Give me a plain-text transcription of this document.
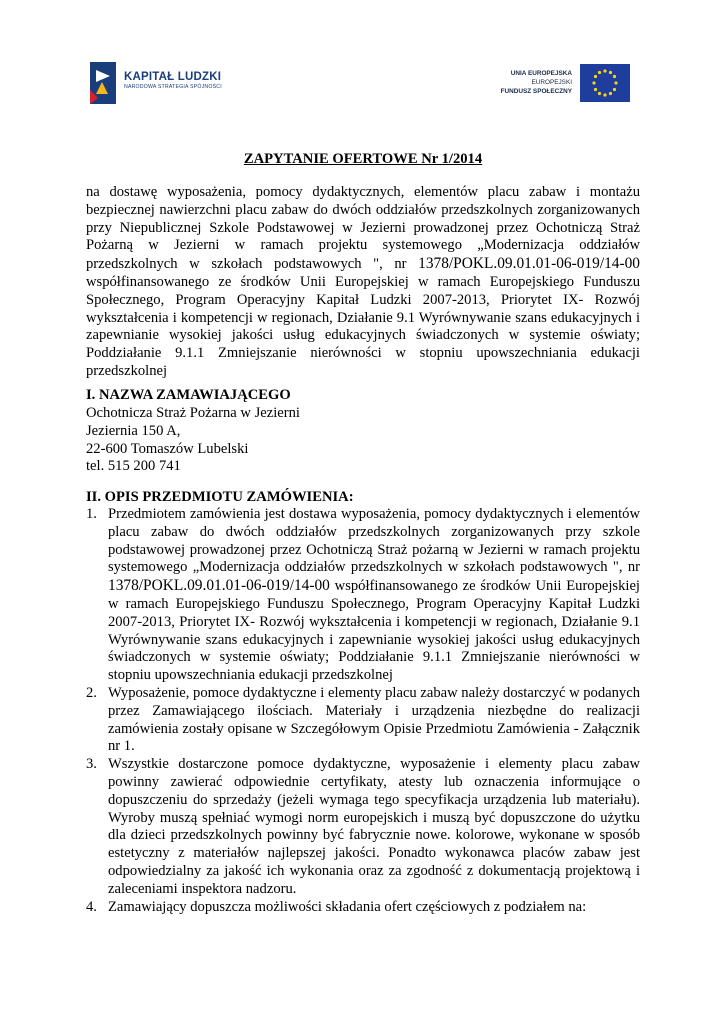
KAPITAŁ LUDZKI
NARODOWA STRATEGIA SPÓJNOŚCI
UNIA EUROPEJSKA
EUROPEJSKI
FUNDUSZ SPOŁECZNY
ZAPYTANIE OFERTOWE Nr 1/2014

na dostawę wyposażenia, pomocy dydaktycznych, elementów placu zabaw i montażu bezpiecznej nawierzchni placu zabaw do dwóch oddziałów przedszkolnych zorganizowanych przy Niepublicznej Szkole Podstawowej w Jezierni prowadzonej przez Ochotniczą Straż Pożarną w Jezierni w ramach projektu systemowego „Modernizacja oddziałów przedszkolnych w szkołach podstawowych ", nr 1378/POKL.09.01.01-06-019/14-00 współfinansowanego ze środków Unii Europejskiej w ramach Europejskiego Funduszu Społecznego, Program Operacyjny Kapitał Ludzki 2007-2013, Priorytet IX- Rozwój wykształcenia i kompetencji w regionach, Działanie 9.1 Wyrównywanie szans edukacyjnych i zapewnianie wysokiej jakości usług edukacyjnych świadczonych w systemie oświaty; Poddziałanie 9.1.1 Zmniejszanie nierówności w stopniu upowszechniania edukacji przedszkolnej

I. NAZWA ZAMAWIAJĄCEGO

Ochotnicza Straż Pożarna w Jezierni
Jeziernia 150 A,
22-600 Tomaszów Lubelski
tel. 515 200 741

II. OPIS PRZEDMIOTU ZAMÓWIENIA:

1. Przedmiotem zamówienia jest dostawa wyposażenia, pomocy dydaktycznych i elementów placu zabaw do dwóch oddziałów przedszkolnych zorganizowanych przy szkole podstawowej prowadzonej przez Ochotniczą Straż pożarną w Jezierni w ramach projektu systemowego „Modernizacja oddziałów przedszkolnych w szkołach podstawowych ", nr 1378/POKL.09.01.01-06-019/14-00 współfinansowanego ze środków Unii Europejskiej w ramach Europejskiego Funduszu Społecznego, Program Operacyjny Kapitał Ludzki 2007-2013, Priorytet IX- Rozwój wykształcenia i kompetencji w regionach, Działanie 9.1 Wyrównywanie szans edukacyjnych i zapewnianie wysokiej jakości usług edukacyjnych świadczonych w systemie oświaty; Poddziałanie 9.1.1 Zmniejszanie nierówności w stopniu upowszechniania edukacji przedszkolnej
2. Wyposażenie, pomoce dydaktyczne i elementy placu zabaw należy dostarczyć w podanych przez Zamawiającego ilościach. Materiały i urządzenia niezbędne do realizacji zamówienia zostały opisane w Szczegółowym Opisie Przedmiotu Zamówienia - Załącznik nr 1.
3. Wszystkie dostarczone pomoce dydaktyczne, wyposażenie i elementy placu zabaw powinny zawierać odpowiednie certyfikaty, atesty lub oznaczenia informujące o dopuszczeniu do sprzedaży (jeżeli wymaga tego specyfikacja urządzenia lub materiału). Wyroby muszą spełniać wymogi norm europejskich i muszą być dopuszczone do użytku dla dzieci przedszkolnych powinny być fabrycznie nowe. kolorowe, wykonane w sposób estetyczny z materiałów najlepszej jakości. Ponadto wykonawca placów zabaw jest odpowiedzialny za jakość ich wykonania oraz za zgodność z dokumentacją projektową i zaleceniami inspektora nadzoru.
4. Zamawiający dopuszcza możliwości składania ofert częściowych z podziałem na:
